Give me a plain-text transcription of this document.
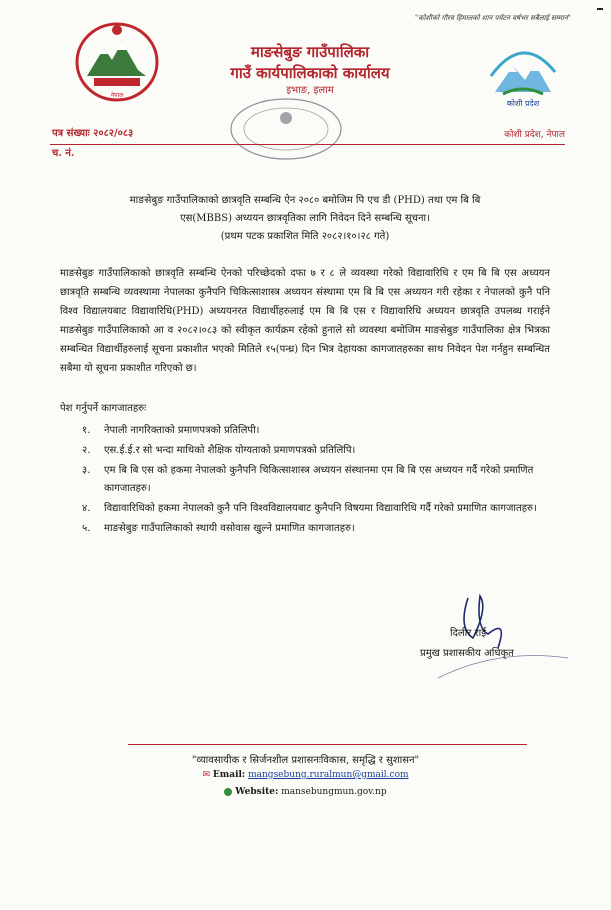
"कोशीको गौरव हिमालको शान पर्यटन वर्षभर सबैलाई सम्मान"
नेपाल
कोशी प्रदेश
माङसेबुङ गाउँपालिका
गाउँ कार्यपालिकाको कार्यालय
इभाङ, इलाम
पत्र संख्याः २०८२/०८३
च. नं.
कोशी प्रदेश, नेपाल
माङसेबुङ गाउँपालिकाको छात्रवृति सम्बन्धि ऐन २०८० बमोजिम पि एच डी (PHD) तथा एम बि बि
एस(MBBS) अध्ययन छात्रवृतिका लागि निवेदन दिने सम्बन्धि सूचना।
(प्रथम पटक प्रकाशित मिति २०८२।१०।२८ गते)
माङसेबुङ गाउँपालिकाको छात्रवृति सम्बन्धि ऐनको परिच्छेदको दफा ७ र ८ ले व्यवस्था गरेको विद्यावारिधि र एम बि बि एस अध्ययन छात्रवृति सम्बन्धि व्यवस्थामा नेपालका कुनैपनि चिकित्साशास्त्र अध्ययन संस्थामा एम बि बि एस अध्ययन गरी रहेका र नेपालको कुनै पनि विश्व विद्यालयबाट विद्यावारिधि(PHD) अध्ययनरत विद्यार्थीहरुलाई एम बि बि एस र विद्यावारिधि अध्ययन छात्रवृति उपलब्ध गराईने माङसेबुङ गाउँपालिकाको आ व २०८२।०८३ को स्वीकृत कार्यक्रम रहेको हुनाले सो व्यवस्था बमोजिम माङसेबुङ गाउँपालिका क्षेत्र भित्रका सम्बन्धित विद्यार्थीहरुलाई सूचना प्रकाशीत भएको मितिले १५(पन्ध्र) दिन भित्र देहायका कागजातहरुका साथ निवेदन पेश गर्नहुन सम्बन्धित सबैमा यो सूचना प्रकाशीत गरिएको छ।
पेश गर्नुपर्ने कागजातहरुः
१.	नेपाली नागरिक्ताको प्रमाणपत्रको प्रतिलिपी।
२.	एस.ई.ई.र सो भन्दा माथिको शैक्षिक योग्यताको प्रमाणपत्रको प्रतिलिपि।
३.	एम बि बि एस को हकमा नेपालको कुनैपनि चिकित्साशास्त्र अध्ययन संस्थानमा एम बि बि एस अध्ययन गर्दै गरेको प्रमाणित कागजातहरु।
४.	विद्यावारिधिको हकमा नेपालको कुनै पनि विश्वविद्यालयबाट कुनैपनि विषयमा विद्यावारिधि गर्दै गरेको प्रमाणित कागजातहरु।
५.	माङसेबुङ गाउँपालिकाको स्थायी वसोवास खुल्ने प्रमाणित कागजातहरु।
दिलीर राई
प्रमुख प्रशासकीय अधिकृत
"व्यावसायीक र सिर्जनशील प्रशासनःविकास, समृद्धि र सुशासन"
✉ Email: mangsebung.ruralmun@gmail.com
Website: mansebungmun.gov.np
